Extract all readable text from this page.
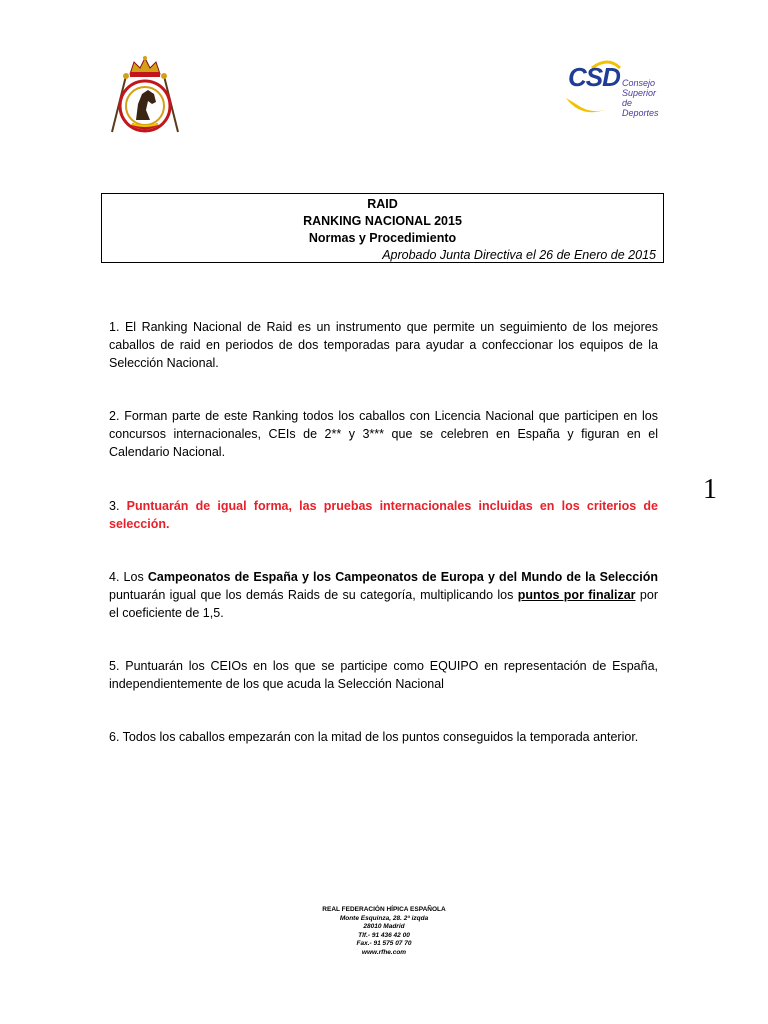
CSD Consejo Superior de Deportes
RAID
RANKING NACIONAL 2015
Normas y Procedimiento
Aprobado Junta Directiva el 26 de Enero de 2015
1. El Ranking Nacional de Raid es un instrumento que permite un seguimiento de los mejores caballos de raid en periodos de dos temporadas para ayudar a confeccionar los equipos de la Selección Nacional.
2. Forman parte de este Ranking todos los caballos con Licencia Nacional que participen en los concursos internacionales, CEIs de 2** y 3*** que se celebren en España y figuran en el Calendario Nacional.
3. Puntuarán de igual forma, las pruebas internacionales incluidas en los criterios de selección.
4. Los Campeonatos de España y los Campeonatos de Europa y del Mundo de la Selección puntuarán igual que los demás Raids de su categoría, multiplicando los puntos por finalizar por el coeficiente de 1,5.
5. Puntuarán los CEIOs en los que se participe como EQUIPO en representación de España, independientemente de los que acuda la Selección Nacional
6. Todos los caballos empezarán con la mitad de los puntos conseguidos la temporada anterior.
1
REAL FEDERACIÓN HÍPICA ESPAÑOLA
Monte Esquinza, 28. 2ª izqda
28010 Madrid
Tlf.- 91 436 42 00
Fax.- 91 575 07 70
www.rfhe.com
